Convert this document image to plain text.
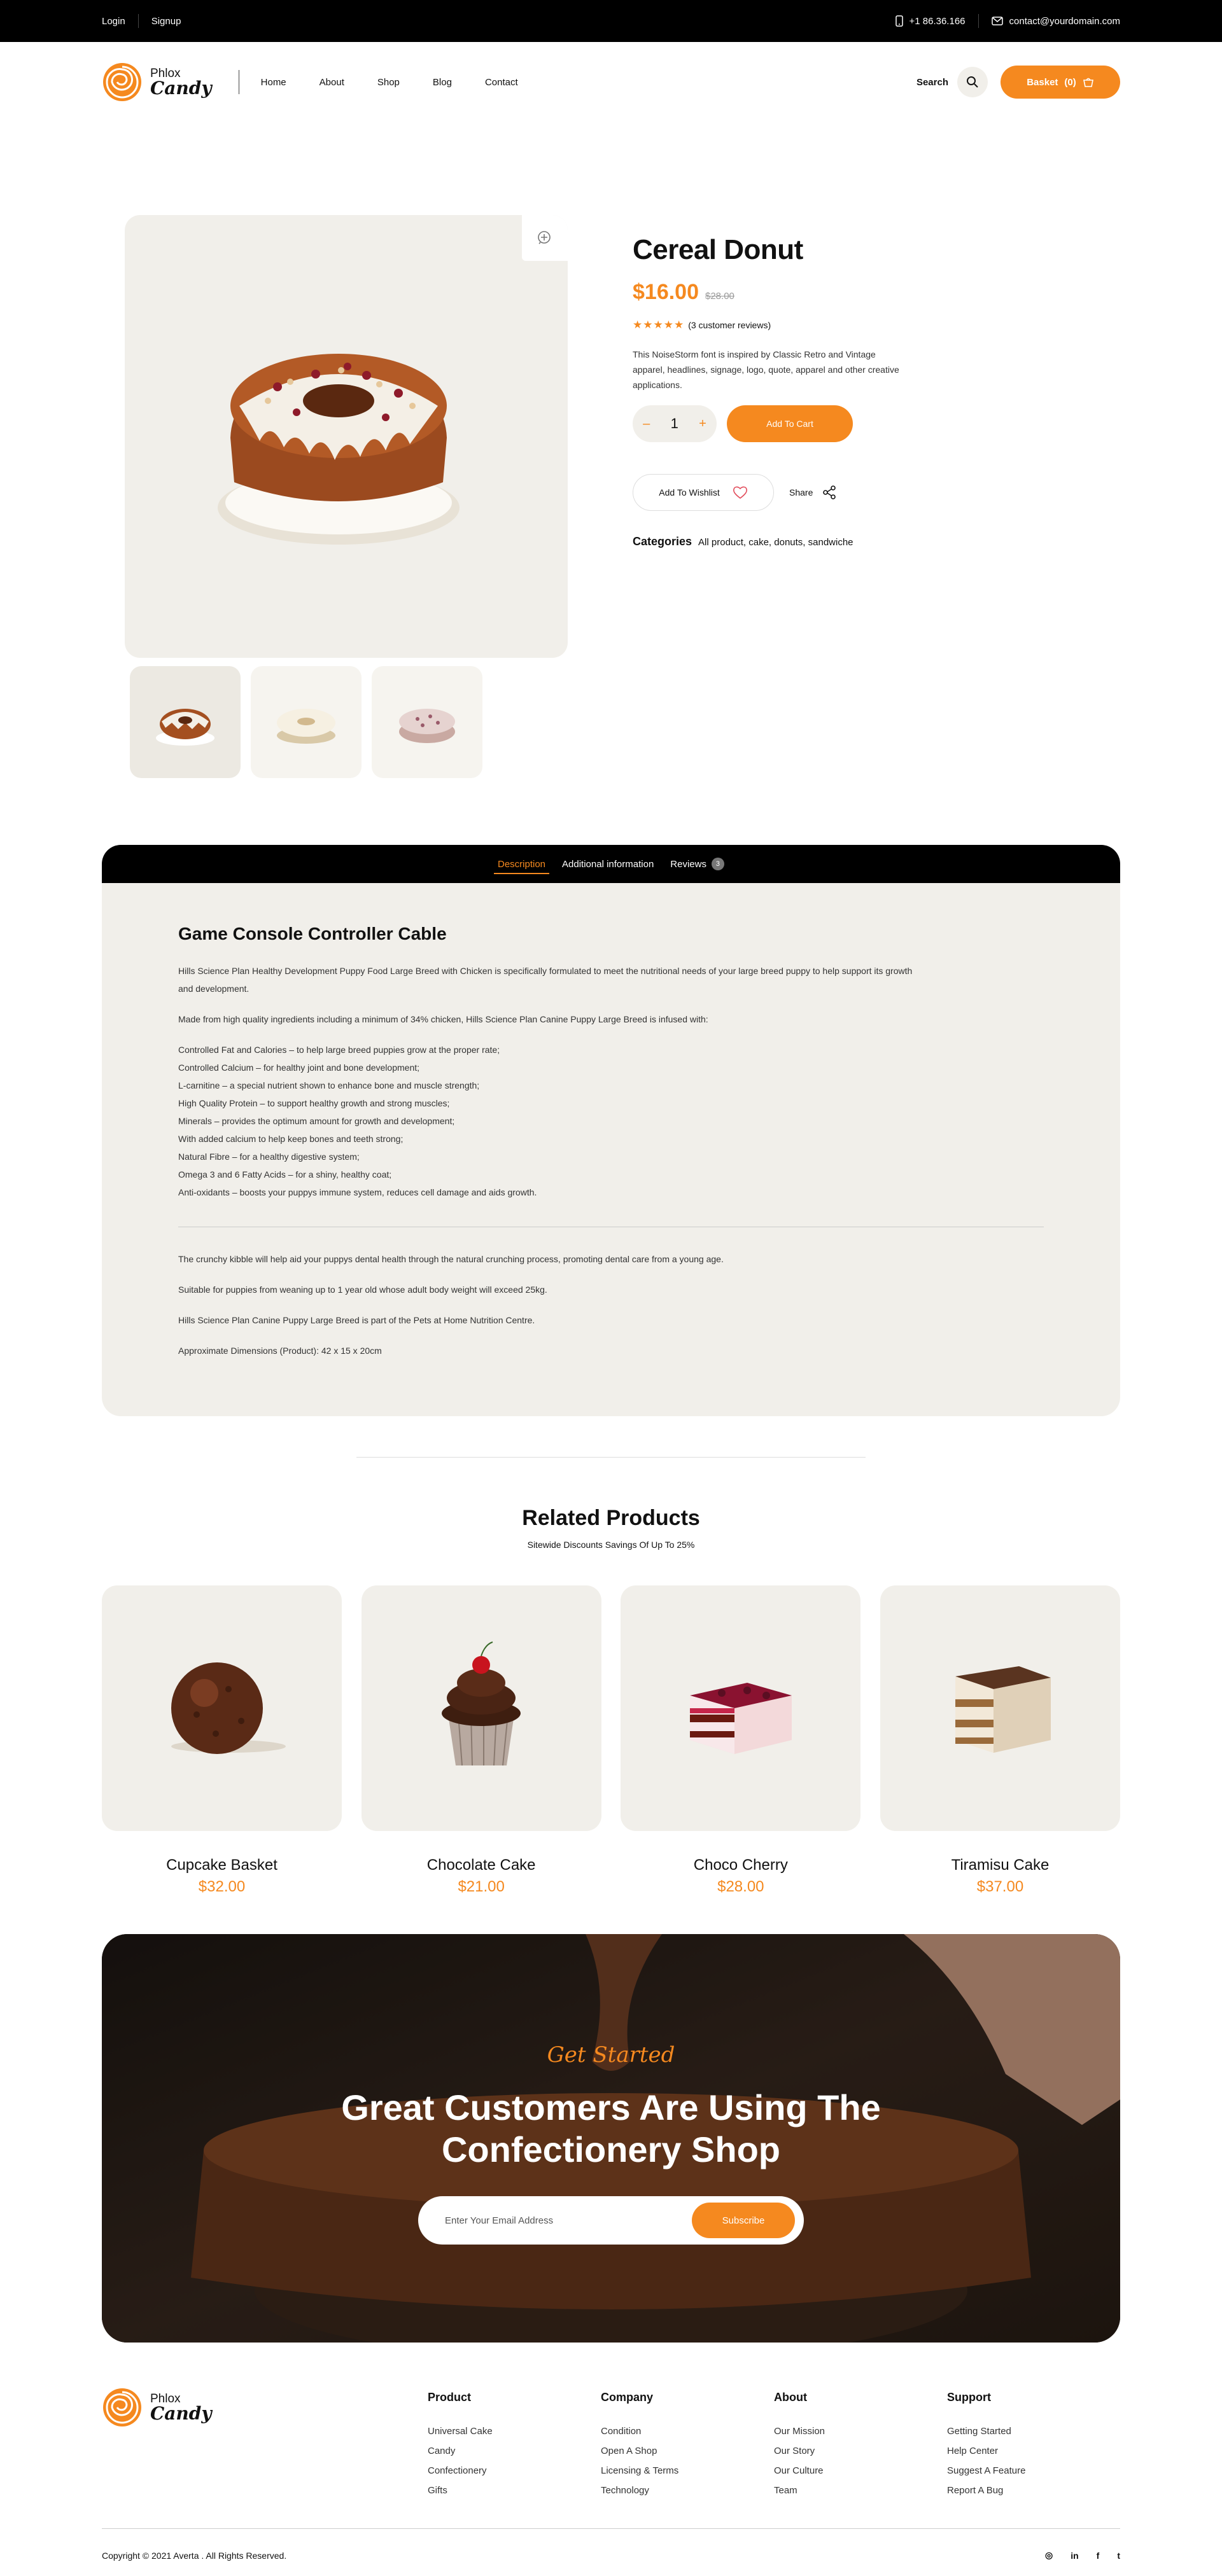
Login	Signup	+1 86.36.166	contact@yourdomain.com
Phlox
Candy	Home	About	Shop	Blog	Contact	Search	Basket (0)
Cereal Donut
$16.00 $28.00
★★★★★ (3 customer reviews)

This NoiseStorm font is inspired by Classic Retro and Vintage apparel, headlines, signage, logo, quote, apparel and other creative applications.

– 1 +	Add To Cart
Add To Wishlist	Share
Categories All product, cake, donuts, sandwiche
Description	Additional information	Reviews	3
Game Console Controller Cable

Hills Science Plan Healthy Development Puppy Food Large Breed with Chicken is specifically formulated to meet the nutritional needs of your large breed puppy to help support its growth and development.

Made from high quality ingredients including a minimum of 34% chicken, Hills Science Plan Canine Puppy Large Breed is infused with:

Controlled Fat and Calories – to help large breed puppies grow at the proper rate;
Controlled Calcium – for healthy joint and bone development;
L-carnitine – a special nutrient shown to enhance bone and muscle strength;
High Quality Protein – to support healthy growth and strong muscles;
Minerals – provides the optimum amount for growth and development;
With added calcium to help keep bones and teeth strong;
Natural Fibre – for a healthy digestive system;
Omega 3 and 6 Fatty Acids – for a shiny, healthy coat;
Anti-oxidants – boosts your puppys immune system, reduces cell damage and aids growth.

The crunchy kibble will help aid your puppys dental health through the natural crunching process, promoting dental care from a young age.

Suitable for puppies from weaning up to 1 year old whose adult body weight will exceed 25kg.

Hills Science Plan Canine Puppy Large Breed is part of the Pets at Home Nutrition Centre.

Approximate Dimensions (Product): 42 x 15 x 20cm

Related Products

Sitewide Discounts Savings Of Up To 25%

Cupcake Basket
$32.00
Chocolate Cake
$21.00
Choco Cherry
$28.00
Tiramisu Cake
$37.00
Get Started
Great Customers Are Using The Confectionery Shop
Enter Your Email Address
Subscribe
Phlox
Candy
Product
Universal Cake
Candy
Confectionery
Gifts
Company
Condition
Open A Shop
Licensing & Terms
Technology
About
Our Mission
Our Story
Our Culture
Team
Support
Getting Started
Help Center
Suggest A Feature
Report A Bug
Copyright © 2021 Averta . All Rights Reserved.	◎ in f t
